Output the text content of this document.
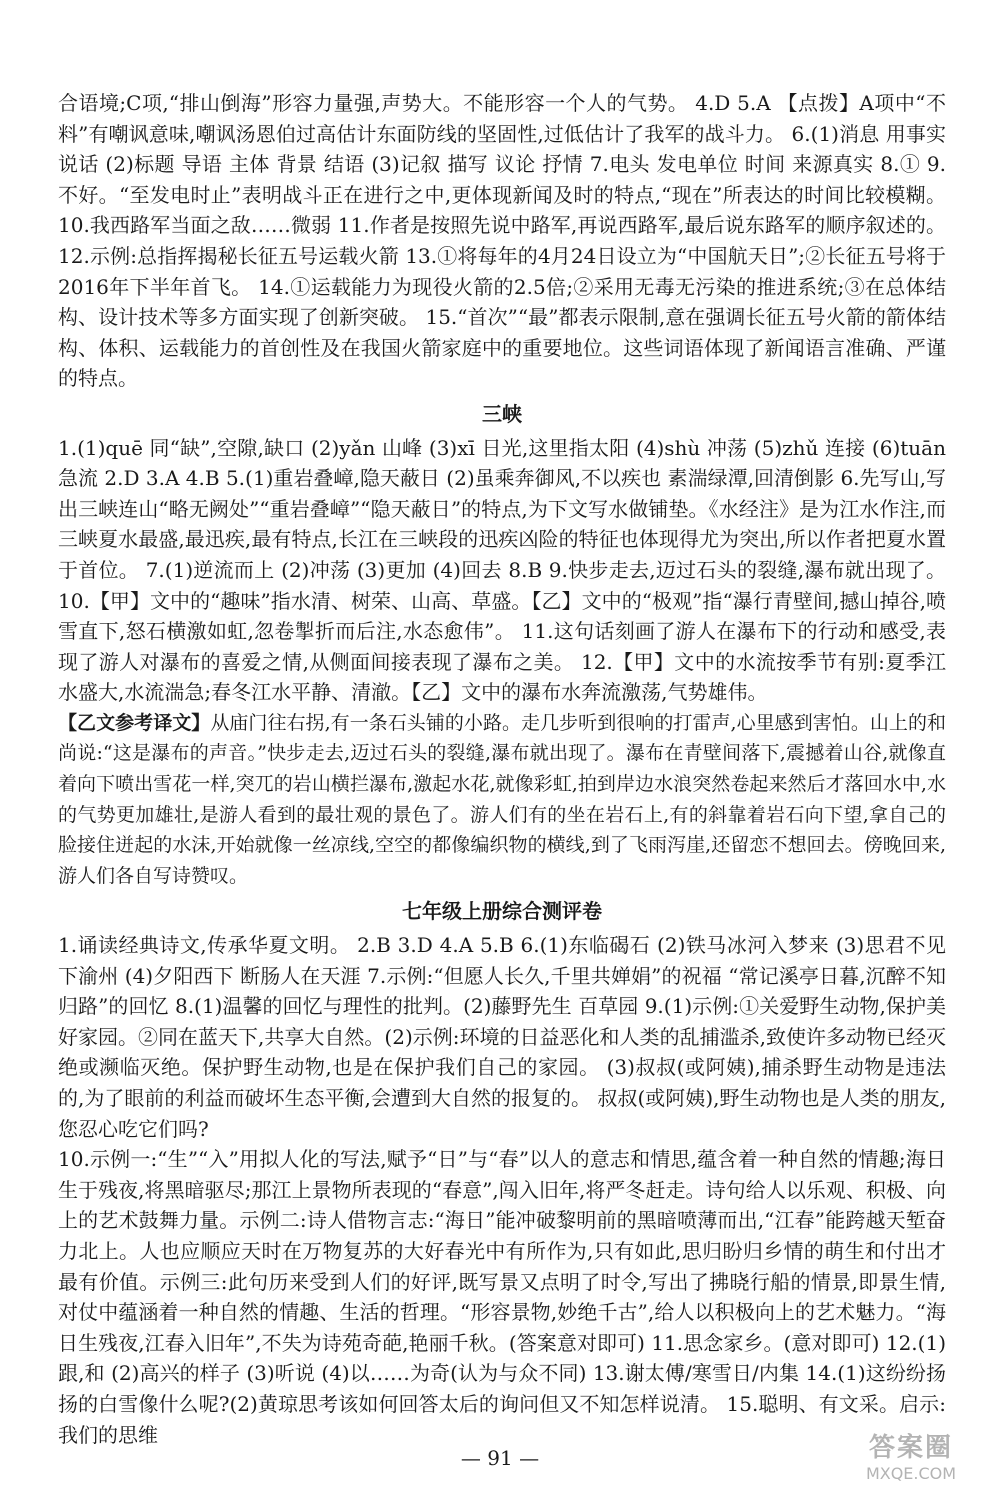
合语境;C项,“排山倒海”形容力量强,声势大。不能形容一个人的气势。 4.D 5.A 【点拨】A项中“不料”有嘲讽意味,嘲讽汤恩伯过高估计东面防线的坚固性,过低估计了我军的战斗力。 6.(1)消息 用事实说话 (2)标题 导语 主体 背景 结语 (3)记叙 描写 议论 抒情 7.电头 发电单位 时间 来源真实 8.① 9.不好。“至发电时止”表明战斗正在进行之中,更体现新闻及时的特点,“现在”所表达的时间比较模糊。 10.我西路军当面之敌……微弱 11.作者是按照先说中路军,再说西路军,最后说东路军的顺序叙述的。 12.示例:总指挥揭秘长征五号运载火箭 13.①将每年的4月24日设立为“中国航天日”;②长征五号将于2016年下半年首飞。 14.①运载能力为现役火箭的2.5倍;②采用无毒无污染的推进系统;③在总体结构、设计技术等多方面实现了创新突破。 15.“首次”“最”都表示限制,意在强调长征五号火箭的箭体结构、体积、运载能力的首创性及在我国火箭家庭中的重要地位。这些词语体现了新闻语言准确、严谨的特点。

三峡

1.(1)quē 同“缺”,空隙,缺口 (2)yǎn 山峰 (3)xī 日光,这里指太阳 (4)shù 冲荡 (5)zhǔ 连接 (6)tuān 急流 2.D 3.A 4.B 5.(1)重岩叠嶂,隐天蔽日 (2)虽乘奔御风,不以疾也 素湍绿潭,回清倒影 6.先写山,写出三峡连山“略无阙处”“重岩叠嶂”“隐天蔽日”的特点,为下文写水做铺垫。《水经注》是为江水作注,而三峡夏水最盛,最迅疾,最有特点,长江在三峡段的迅疾凶险的特征也体现得尤为突出,所以作者把夏水置于首位。 7.(1)逆流而上 (2)冲荡 (3)更加 (4)回去 8.B 9.快步走去,迈过石头的裂缝,瀑布就出现了。 10.【甲】文中的“趣味”指水清、树荣、山高、草盛。【乙】文中的“极观”指“瀑行青壁间,撼山掉谷,喷雪直下,怒石横激如虹,忽卷掣折而后注,水态愈伟”。 11.这句话刻画了游人在瀑布下的行动和感受,表现了游人对瀑布的喜爱之情,从侧面间接表现了瀑布之美。 12.【甲】文中的水流按季节有别:夏季江水盛大,水流湍急;春冬江水平静、清澈。【乙】文中的瀑布水奔流激荡,气势雄伟。

【乙文参考译文】从庙门往右拐,有一条石头铺的小路。走几步听到很响的打雷声,心里感到害怕。山上的和尚说:“这是瀑布的声音。”快步走去,迈过石头的裂缝,瀑布就出现了。瀑布在青壁间落下,震撼着山谷,就像直着向下喷出雪花一样,突兀的岩山横拦瀑布,激起水花,就像彩虹,拍到岸边水浪突然卷起来然后才落回水中,水的气势更加雄壮,是游人看到的最壮观的景色了。游人们有的坐在岩石上,有的斜靠着岩石向下望,拿自己的脸接住迸起的水沫,开始就像一丝凉线,空空的都像编织物的横线,到了飞雨泻崖,还留恋不想回去。傍晚回来,游人们各自写诗赞叹。

七年级上册综合测评卷

1.诵读经典诗文,传承华夏文明。 2.B 3.D 4.A 5.B 6.(1)东临碣石 (2)铁马冰河入梦来 (3)思君不见下渝州 (4)夕阳西下 断肠人在天涯 7.示例:“但愿人长久,千里共婵娟”的祝福 “常记溪亭日暮,沉醉不知归路”的回忆 8.(1)温馨的回忆与理性的批判。(2)藤野先生 百草园 9.(1)示例:①关爱野生动物,保护美好家园。②同在蓝天下,共享大自然。(2)示例:环境的日益恶化和人类的乱捕滥杀,致使许多动物已经灭绝或濒临灭绝。保护野生动物,也是在保护我们自己的家园。 (3)叔叔(或阿姨),捕杀野生动物是违法的,为了眼前的利益而破坏生态平衡,会遭到大自然的报复的。 叔叔(或阿姨),野生动物也是人类的朋友,您忍心吃它们吗?

10.示例一:“生”“入”用拟人化的写法,赋予“日”与“春”以人的意志和情思,蕴含着一种自然的情趣;海日生于残夜,将黑暗驱尽;那江上景物所表现的“春意”,闯入旧年,将严冬赶走。诗句给人以乐观、积极、向上的艺术鼓舞力量。示例二:诗人借物言志:“海日”能冲破黎明前的黑暗喷薄而出,“江春”能跨越天堑奋力北上。人也应顺应天时在万物复苏的大好春光中有所作为,只有如此,思归盼归乡情的萌生和付出才最有价值。示例三:此句历来受到人们的好评,既写景又点明了时令,写出了拂晓行船的情景,即景生情,对仗中蕴涵着一种自然的情趣、生活的哲理。“形容景物,妙绝千古”,给人以积极向上的艺术魅力。“海日生残夜,江春入旧年”,不失为诗苑奇葩,艳丽千秋。(答案意对即可) 11.思念家乡。(意对即可) 12.(1)跟,和 (2)高兴的样子 (3)听说 (4)以……为奇(认为与众不同) 13.谢太傅/寒雪日/内集 14.(1)这纷纷扬扬的白雪像什么呢?(2)黄琼思考该如何回答太后的询问但又不知怎样说清。 15.聪明、有文采。启示:我们的思维

— 91 —	答案圈
MXQE.COM
